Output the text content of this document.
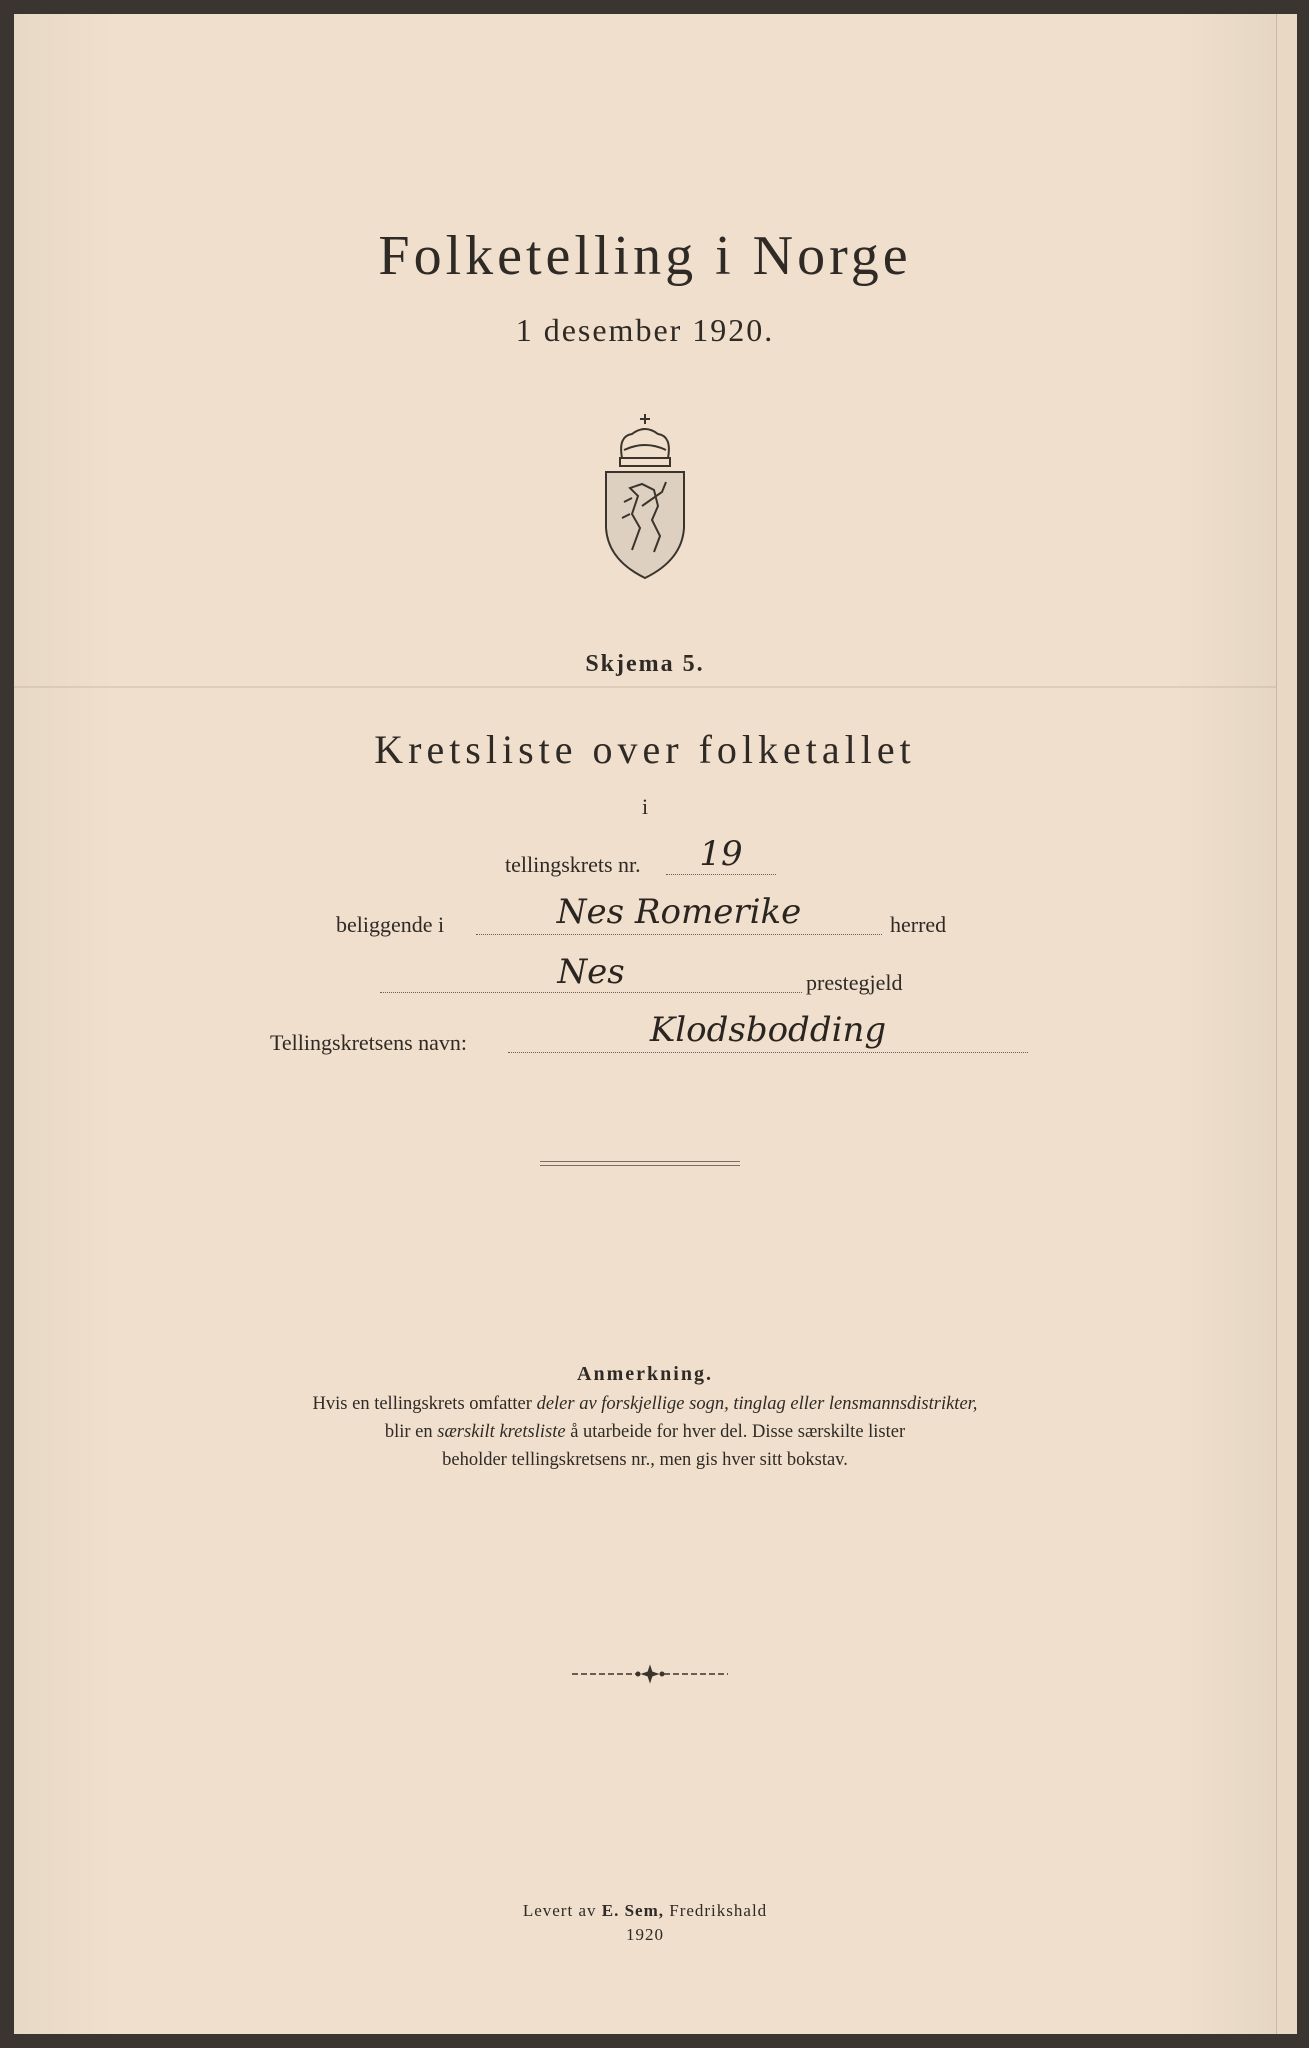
Folketelling i Norge
1 desember 1920.
Skjema 5.
Kretsliste over folketallet
i
tellingskrets nr.	19
beliggende i	Nes Romerike	herred
Nes	prestegjeld
Tellingskretsens navn:	Klodsbodding
Anmerkning.
Hvis en tellingskrets omfatter deler av forskjellige sogn, tinglag eller lensmannsdistrikter,
blir en særskilt kretsliste å utarbeide for hver del. Disse særskilte lister
beholder tellingskretsens nr., men gis hver sitt bokstav.
Levert av E. Sem, Fredrikshald
1920
